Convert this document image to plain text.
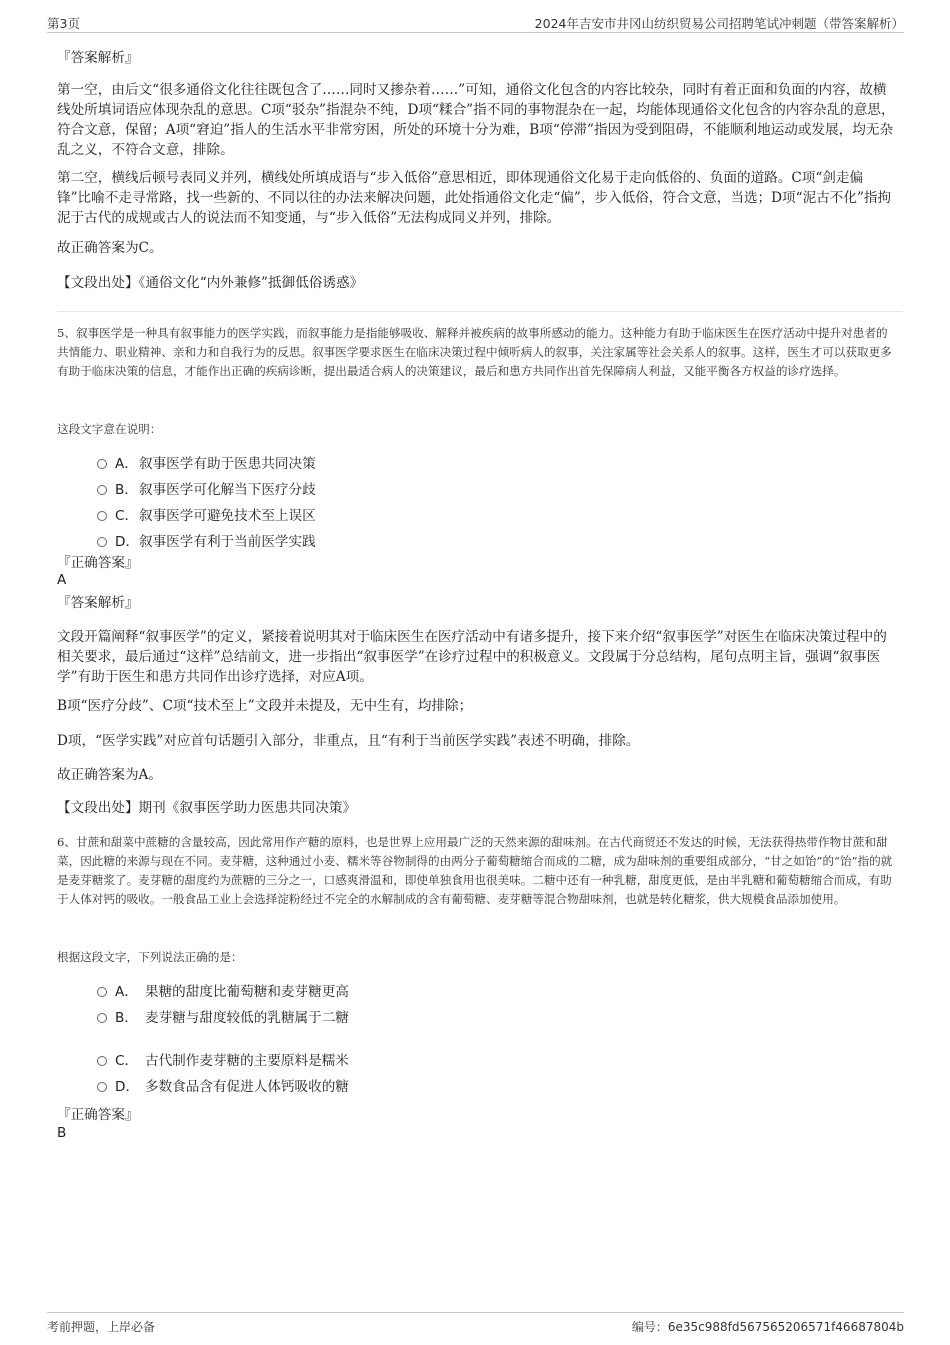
第3页	2024年吉安市井冈山纺织贸易公司招聘笔试冲刺题（带答案解析）
『答案解析』

第一空，由后文“很多通俗文化往往既包含了……同时又掺杂着……”可知，通俗文化包含的内容比较杂，同时有着正面和负面的内容，故横线处所填词语应体现杂乱的意思。C项“驳杂”指混杂不纯，D项“糅合”指不同的事物混杂在一起，均能体现通俗文化包含的内容杂乱的意思，符合文意，保留；A项“窘迫”指人的生活水平非常穷困，所处的环境十分为难，B项“停滞”指因为受到阻碍，不能顺利地运动或发展，均无杂乱之义，不符合文意，排除。

第二空，横线后顿号表同义并列，横线处所填成语与“步入低俗”意思相近，即体现通俗文化易于走向低俗的、负面的道路。C项“剑走偏锋”比喻不走寻常路，找一些新的、不同以往的办法来解决问题，此处指通俗文化走“偏”，步入低俗，符合文意，当选；D项“泥古不化”指拘泥于古代的成规或古人的说法而不知变通，与“步入低俗”无法构成同义并列，排除。

故正确答案为C。
【文段出处】《通俗文化“内外兼修”抵御低俗诱惑》

5、叙事医学是一种具有叙事能力的医学实践，而叙事能力是指能够吸收、解释并被疾病的故事所感动的能力。这种能力有助于临床医生在医疗活动中提升对患者的共情能力、职业精神、亲和力和自我行为的反思。叙事医学要求医生在临床决策过程中倾听病人的叙事，关注家属等社会关系人的叙事。这样，医生才可以获取更多有助于临床决策的信息，才能作出正确的疾病诊断，提出最适合病人的决策建议，最后和患方共同作出首先保障病人利益，又能平衡各方权益的诊疗选择。

这段文字意在说明：
A．叙事医学有助于医患共同决策
B．叙事医学可化解当下医疗分歧
C．叙事医学可避免技术至上误区
D．叙事医学有利于当前医学实践
『正确答案』
A
『答案解析』

文段开篇阐释“叙事医学”的定义，紧接着说明其对于临床医生在医疗活动中有诸多提升，接下来介绍“叙事医学”对医生在临床决策过程中的相关要求，最后通过“这样”总结前文，进一步指出“叙事医学”在诊疗过程中的积极意义。文段属于分总结构，尾句点明主旨，强调“叙事医学”有助于医生和患方共同作出诊疗选择，对应A项。

B项“医疗分歧”、C项“技术至上”文段并未提及，无中生有，均排除；
D项，“医学实践”对应首句话题引入部分，非重点，且“有利于当前医学实践”表述不明确，排除。
故正确答案为A。
【文段出处】期刊《叙事医学助力医患共同决策》

6、甘蔗和甜菜中蔗糖的含量较高，因此常用作产糖的原料，也是世界上应用最广泛的天然来源的甜味剂。在古代商贸还不发达的时候，无法获得热带作物甘蔗和甜菜，因此糖的来源与现在不同。麦芽糖，这种通过小麦、糯米等谷物制得的由两分子葡萄糖缩合而成的二糖，成为甜味剂的重要组成部分，“甘之如饴”的“饴”指的就是麦芽糖浆了。麦芽糖的甜度约为蔗糖的三分之一，口感爽滑温和，即使单独食用也很美味。二糖中还有一种乳糖，甜度更低，是由半乳糖和葡萄糖缩合而成，有助于人体对钙的吸收。一般食品工业上会选择淀粉经过不完全的水解制成的含有葡萄糖、麦芽糖等混合物甜味剂，也就是转化糖浆，供大规模食品添加使用。

根据这段文字，下列说法正确的是：
A． 果糖的甜度比葡萄糖和麦芽糖更高
B． 麦芽糖与甜度较低的乳糖属于二糖
C． 古代制作麦芽糖的主要原料是糯米
D． 多数食品含有促进人体钙吸收的糖
『正确答案』
B
考前押题，上岸必备	编号：6e35c988fd567565206571f46687804b
